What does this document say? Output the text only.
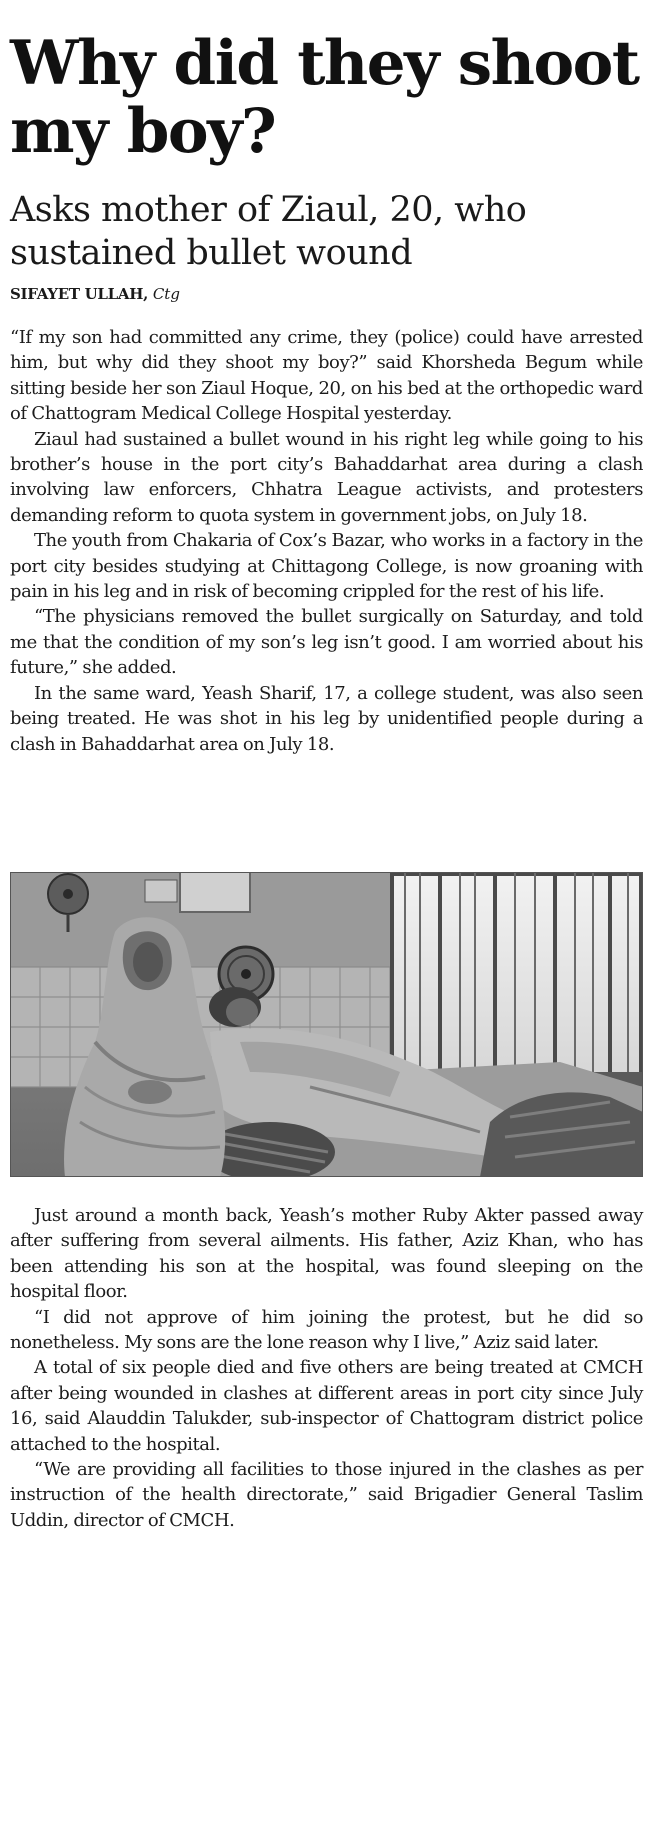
Why did they shoot my boy?
Asks mother of Ziaul, 20, who sustained bullet wound
SIFAYET ULLAH, Ctg

“If my son had committed any crime, they (police) could have arrested him, but why did they shoot my boy?” said Khorsheda Begum while sitting beside her son Ziaul Hoque, 20, on his bed at the orthopedic ward of Chattogram Medical College Hospital yesterday.

Ziaul had sustained a bullet wound in his right leg while going to his brother’s house in the port city’s Bahaddarhat area during a clash involving law enforcers, Chhatra League activists, and protesters demanding reform to quota system in government jobs, on July 18.

The youth from Chakaria of Cox’s Bazar, who works in a factory in the port city besides studying at Chittagong College, is now groaning with pain in his leg and in risk of becoming crippled for the rest of his life.

“The physicians removed the bullet surgically on Saturday, and told me that the condition of my son’s leg isn’t good. I am worried about his future,” she added.

In the same ward, Yeash Sharif, 17, a college student, was also seen being treated. He was shot in his leg by unidentified people during a clash in Bahaddarhat area on July 18.

Just around a month back, Yeash’s mother Ruby Akter passed away after suffering from several ailments. His father, Aziz Khan, who has been attending his son at the hospital, was found sleeping on the hospital floor.

“I did not approve of him joining the protest, but he did so nonetheless. My sons are the lone reason why I live,” Aziz said later.

A total of six people died and five others are being treated at CMCH after being wounded in clashes at different areas in port city since July 16, said Alauddin Talukder, sub-inspector of Chattogram district police attached to the hospital.

“We are providing all facilities to those injured in the clashes as per instruction of the health directorate,” said Brigadier General Taslim Uddin, director of CMCH.
